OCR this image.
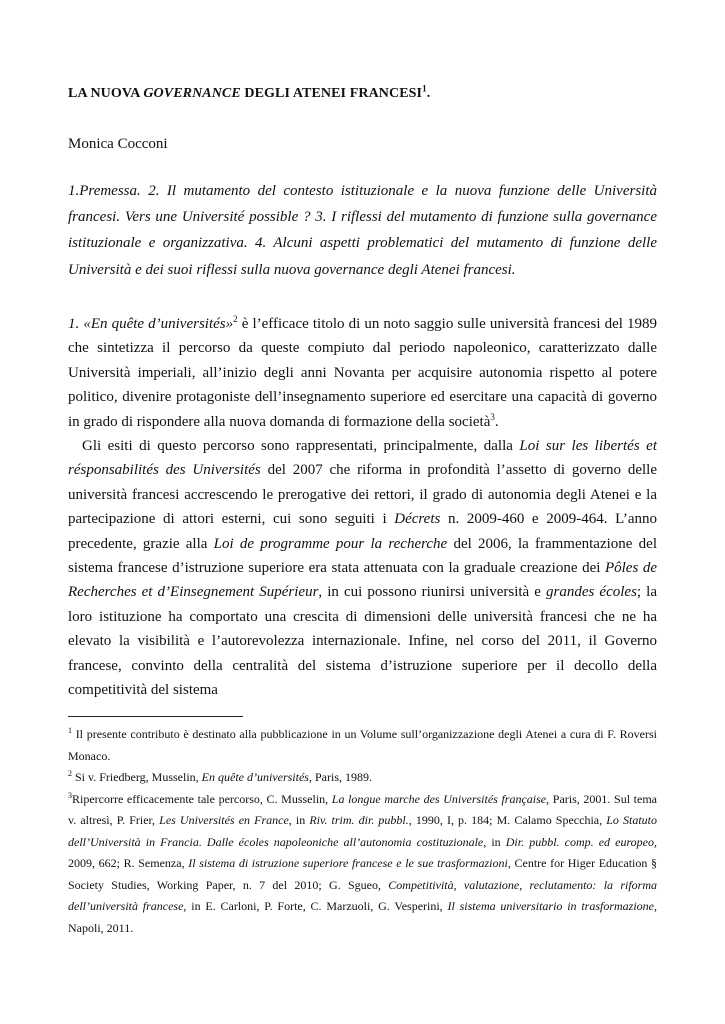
LA NUOVA GOVERNANCE DEGLI ATENEI FRANCESI$^1$.
Monica Cocconi
1.Premessa. 2. Il mutamento del contesto istituzionale e la nuova funzione delle Università francesi. Vers une Université possible ? 3. I riflessi del mutamento di funzione sulla governance istituzionale e organizzativa. 4. Alcuni aspetti problematici del mutamento di funzione delle Università e dei suoi riflessi sulla nuova governance degli Atenei francesi.

1. «En quête d’universités»$^2$ è l’efficace titolo di un noto saggio sulle università francesi del 1989 che sintetizza il percorso da queste compiuto dal periodo napoleonico, caratterizzato dalle Università imperiali, all’inizio degli anni Novanta per acquisire autonomia rispetto al potere politico, divenire protagoniste dell’insegnamento superiore ed esercitare una capacità di governo in grado di rispondere alla nuova domanda di formazione della società$^3$.

Gli esiti di questo percorso sono rappresentati, principalmente, dalla Loi sur les libertés et résponsabilités des Universités del 2007 che riforma in profondità l’assetto di governo delle università francesi accrescendo le prerogative dei rettori, il grado di autonomia degli Atenei e la partecipazione di attori esterni, cui sono seguiti i Décrets n. 2009-460 e 2009-464. L’anno precedente, grazie alla Loi de programme pour la recherche del 2006, la frammentazione del sistema francese d’istruzione superiore era stata attenuata con la graduale creazione dei Pôles de Recherches et d’Einsegnement Supérieur, in cui possono riunirsi università e grandes écoles; la loro istituzione ha comportato una crescita di dimensioni delle università francesi che ne ha elevato la visibilità e l’autorevolezza internazionale. Infine, nel corso del 2011, il Governo francese, convinto della centralità del sistema d’istruzione superiore per il decollo della competitività del sistema

$^1$ Il presente contributo è destinato alla pubblicazione in un Volume sull’organizzazione degli Atenei a cura di F. Roversi Monaco.

$^2$ Si v. Friedberg, Musselin, En quête d’universités, Paris, 1989.

$^3$Ripercorre efficacemente tale percorso, C. Musselin, La longue marche des Universités française, Paris, 2001. Sul tema v. altresì, P. Frier, Les Universités en France, in Riv. trim. dir. pubbl., 1990, I, p. 184; M. Calamo Specchia, Lo Statuto dell’Università in Francia. Dalle écoles napoleoniche all’autonomia costituzionale, in Dir. pubbl. comp. ed europeo, 2009, 662; R. Semenza, Il sistema di istruzione superiore francese e le sue trasformazioni, Centre for Higer Education § Society Studies, Working Paper, n. 7 del 2010; G. Sgueo, Competitività, valutazione, reclutamento: la riforma dell’università francese, in E. Carloni, P. Forte, C. Marzuoli, G. Vesperini, Il sistema universitario in trasformazione, Napoli, 2011.
